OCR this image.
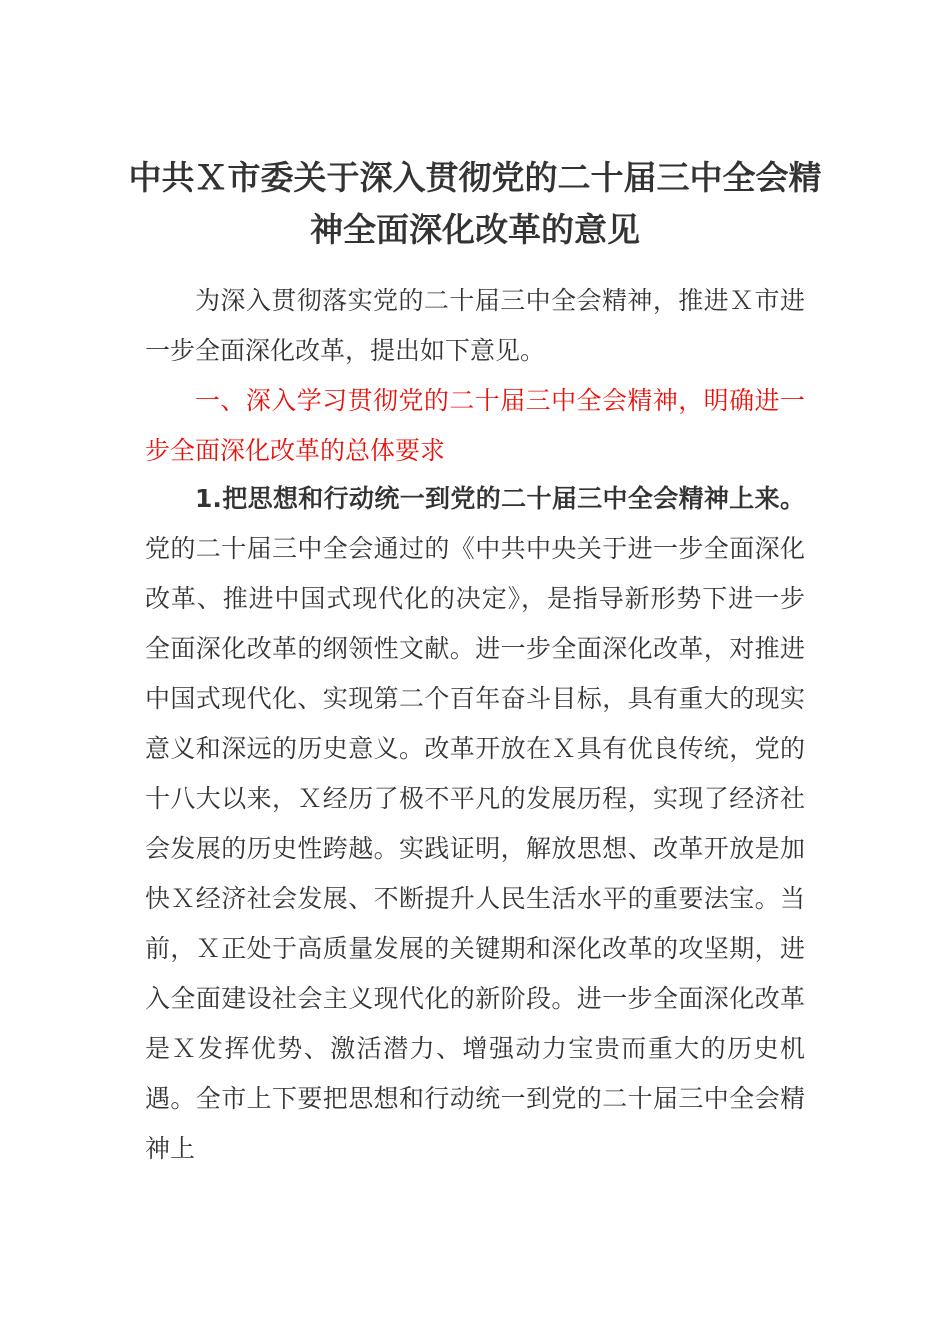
中共Ｘ市委关于深入贯彻党的二十届三中全会精神全面深化改革的意见

为深入贯彻落实党的二十届三中全会精神，推进Ｘ市进一步全面深化改革，提出如下意见。

一、深入学习贯彻党的二十届三中全会精神，明确进一步全面深化改革的总体要求

1.把思想和行动统一到党的二十届三中全会精神上来。党的二十届三中全会通过的《中共中央关于进一步全面深化改革、推进中国式现代化的决定》，是指导新形势下进一步全面深化改革的纲领性文献。进一步全面深化改革，对推进中国式现代化、实现第二个百年奋斗目标，具有重大的现实意义和深远的历史意义。改革开放在Ｘ具有优良传统，党的十八大以来，Ｘ经历了极不平凡的发展历程，实现了经济社会发展的历史性跨越。实践证明，解放思想、改革开放是加快Ｘ经济社会发展、不断提升人民生活水平的重要法宝。当前，Ｘ正处于高质量发展的关键期和深化改革的攻坚期，进入全面建设社会主义现代化的新阶段。进一步全面深化改革是Ｘ发挥优势、激活潜力、增强动力宝贵而重大的历史机遇。全市上下要把思想和行动统一到党的二十届三中全会精神上
